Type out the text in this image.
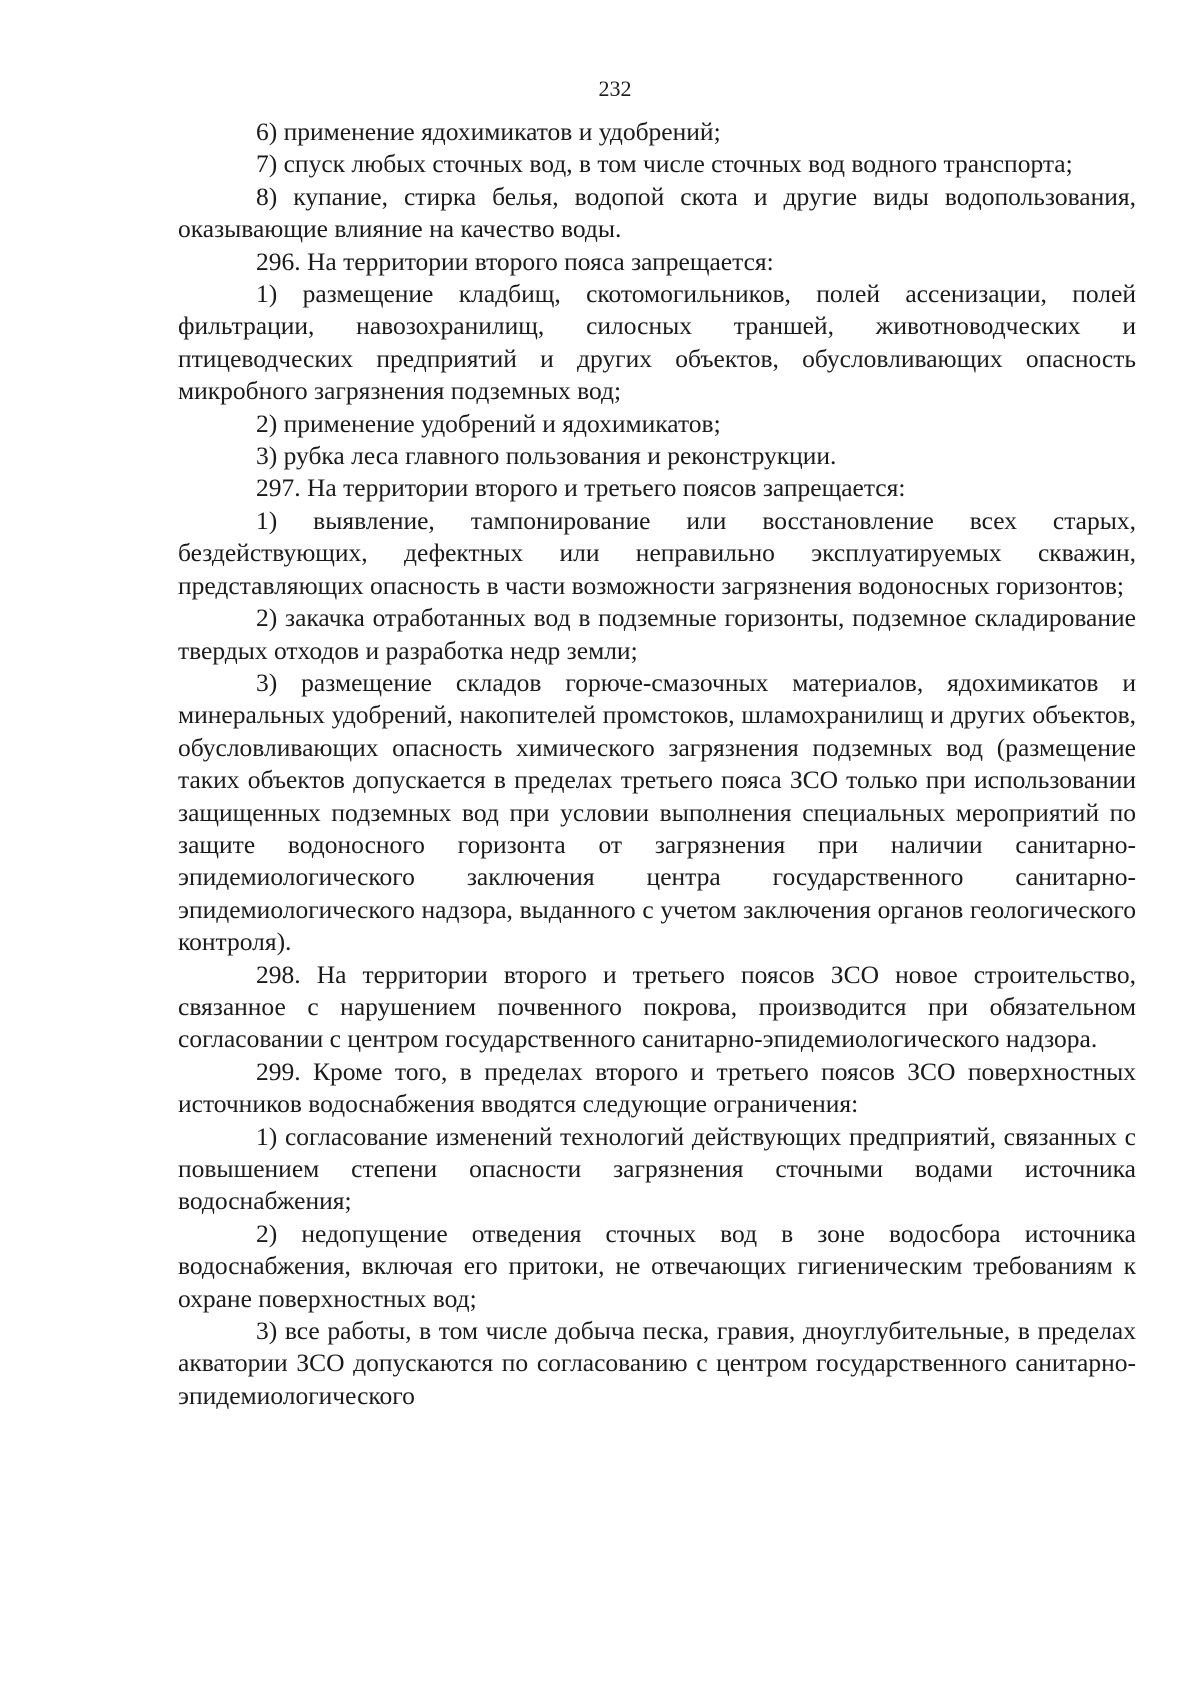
232

6) применение ядохимикатов и удобрений;

7) спуск любых сточных вод, в том числе сточных вод водного транспорта;

8) купание, стирка белья, водопой скота и другие виды водопользования, оказывающие влияние на качество воды.

296. На территории второго пояса запрещается:

1) размещение кладбищ, скотомогильников, полей ассенизации, полей фильтрации, навозохранилищ, силосных траншей, животноводческих и птицеводческих предприятий и других объектов, обусловливающих опасность микробного загрязнения подземных вод;

2) применение удобрений и ядохимикатов;

3) рубка леса главного пользования и реконструкции.

297. На территории второго и третьего поясов запрещается:

1) выявление, тампонирование или восстановление всех старых, бездействующих, дефектных или неправильно эксплуатируемых скважин, представляющих опасность в части возможности загрязнения водоносных горизонтов;

2) закачка отработанных вод в подземные горизонты, подземное складирование твердых отходов и разработка недр земли;

3) размещение складов горюче-смазочных материалов, ядохимикатов и минеральных удобрений, накопителей промстоков, шламохранилищ и других объектов, обусловливающих опасность химического загрязнения подземных вод (размещение таких объектов допускается в пределах третьего пояса ЗСО только при использовании защищенных подземных вод при условии выполнения специальных мероприятий по защите водоносного горизонта от загрязнения при наличии санитарно-эпидемиологического заключения центра государственного санитарно-эпидемиологического надзора, выданного с учетом заключения органов геологического контроля).

298. На территории второго и третьего поясов ЗСО новое строительство, связанное с нарушением почвенного покрова, производится при обязательном согласовании с центром государственного санитарно-эпидемиологического надзора.

299. Кроме того, в пределах второго и третьего поясов ЗСО поверхностных источников водоснабжения вводятся следующие ограничения:

1) согласование изменений технологий действующих предприятий, связанных с повышением степени опасности загрязнения сточными водами источника водоснабжения;

2) недопущение отведения сточных вод в зоне водосбора источника водоснабжения, включая его притоки, не отвечающих гигиеническим требованиям к охране поверхностных вод;

3) все работы, в том числе добыча песка, гравия, дноуглубительные, в пределах акватории ЗСО допускаются по согласованию с центром государственного санитарно-эпидемиологического
